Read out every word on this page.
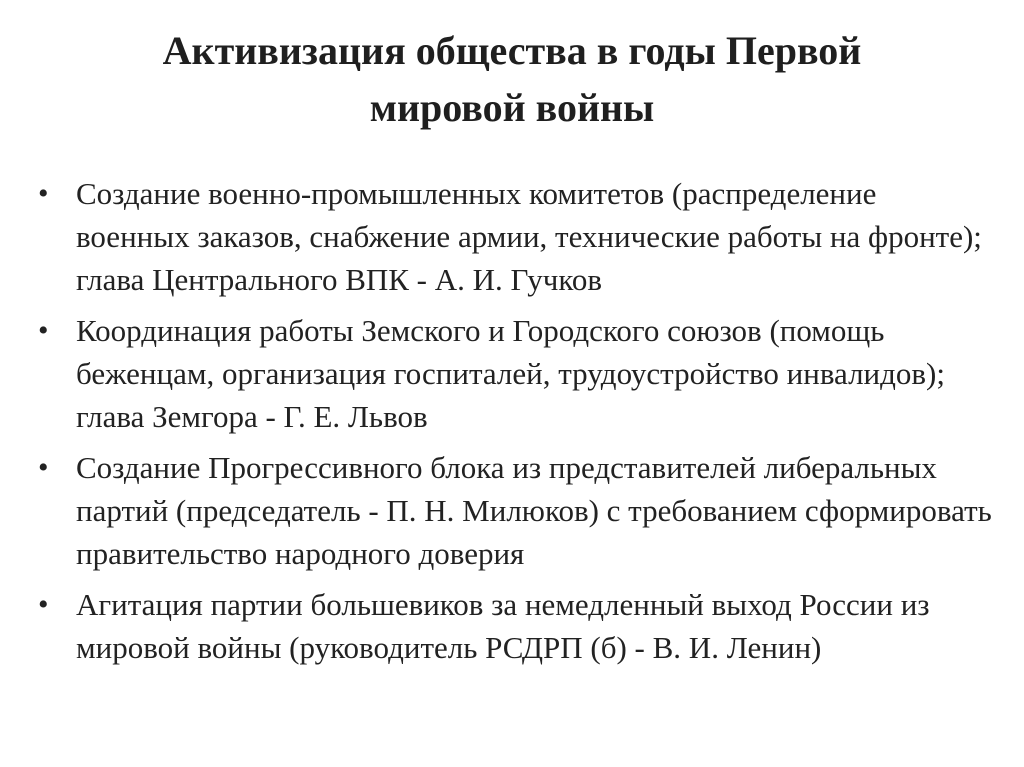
Активизация общества в годы Первой мировой войны
• Создание военно-промышленных комитетов (распределение военных заказов, снабжение армии, технические работы на фронте); глава Центрального ВПК - А. И. Гучков
• Координация работы Земского и Городского союзов (помощь беженцам, организация госпиталей, трудоустройство инвалидов); глава Земгора - Г. Е. Львов
• Создание Прогрессивного блока из представителей либеральных партий (председатель - П. Н. Милюков) с требованием сформировать правительство народного доверия
• Агитация партии большевиков за немедленный выход России из мировой войны (руководитель РСДРП (б) - В. И. Ленин)
